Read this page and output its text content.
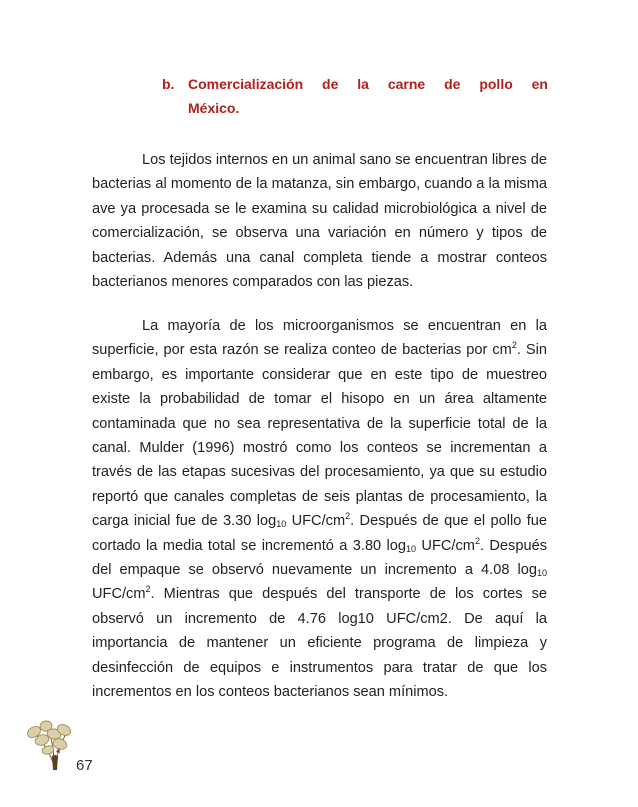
b. Comercialización de la carne de pollo en
México.

Los tejidos internos en un animal sano se encuentran libres de bacterias al momento de la matanza, sin embargo, cuando a la misma ave ya procesada se le examina su calidad microbiológica a nivel de comercialización, se observa una variación en número y tipos de bacterias. Además una canal completa tiende a mostrar conteos bacterianos menores comparados con las piezas.

La mayoría de los microorganismos se encuentran en la superficie, por esta razón se realiza conteo de bacterias por $cm^2$. Sin embargo, es importante considerar que en este tipo de muestreo existe la probabilidad de tomar el hisopo en un área altamente contaminada que no sea representativa de la superficie total de la canal. Mulder (1996) mostró como los conteos se incrementan a través de las etapas sucesivas del procesamiento, ya que su estudio reportó que canales completas de seis plantas de procesamiento, la carga inicial fue de 3.30 $\log_{10} UFC/cm^2$. Después de que el pollo fue cortado la media total se incrementó a 3.80 $\log_{10} UFC/cm^2$. Después del empaque se observó nuevamente un incremento a 4.08 $\log_{10} UFC/cm^2$. Mientras que después del transporte de los cortes se observó un incremento de 4.76 log10 UFC/cm2. De aquí la importancia de mantener un eficiente programa de limpieza y desinfección de equipos e instrumentos para tratar de que los incrementos en los conteos bacterianos sean mínimos.

67
